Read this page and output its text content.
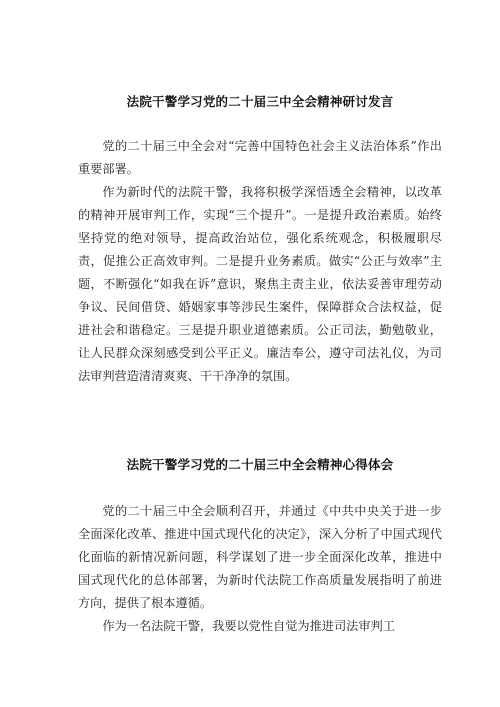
法院干警学习党的二十届三中全会精神研讨发言

党的二十届三中全会对“完善中国特色社会主义法治体系”作出重要部署。

作为新时代的法院干警，我将积极学深悟透全会精神，以改革的精神开展审判工作，实现“三个提升”。一是提升政治素质。始终坚持党的绝对领导，提高政治站位，强化系统观念，积极履职尽责，促推公正高效审判。二是提升业务素质。做实“公正与效率”主题，不断强化“如我在诉”意识，聚焦主责主业，依法妥善审理劳动争议、民间借贷、婚姻家事等涉民生案件，保障群众合法权益，促进社会和谐稳定。三是提升职业道德素质。公正司法，勤勉敬业，让人民群众深刻感受到公平正义。廉洁奉公，遵守司法礼仪，为司法审判营造清清爽爽、干干净净的氛围。

法院干警学习党的二十届三中全会精神心得体会

党的二十届三中全会顺利召开，并通过《中共中央关于进一步全面深化改革、推进中国式现代化的决定》，深入分析了中国式现代化面临的新情况新问题，科学谋划了进一步全面深化改革，推进中国式现代化的总体部署，为新时代法院工作高质量发展指明了前进方向，提供了根本遵循。

作为一名法院干警，我要以党性自觉为推进司法审判工
